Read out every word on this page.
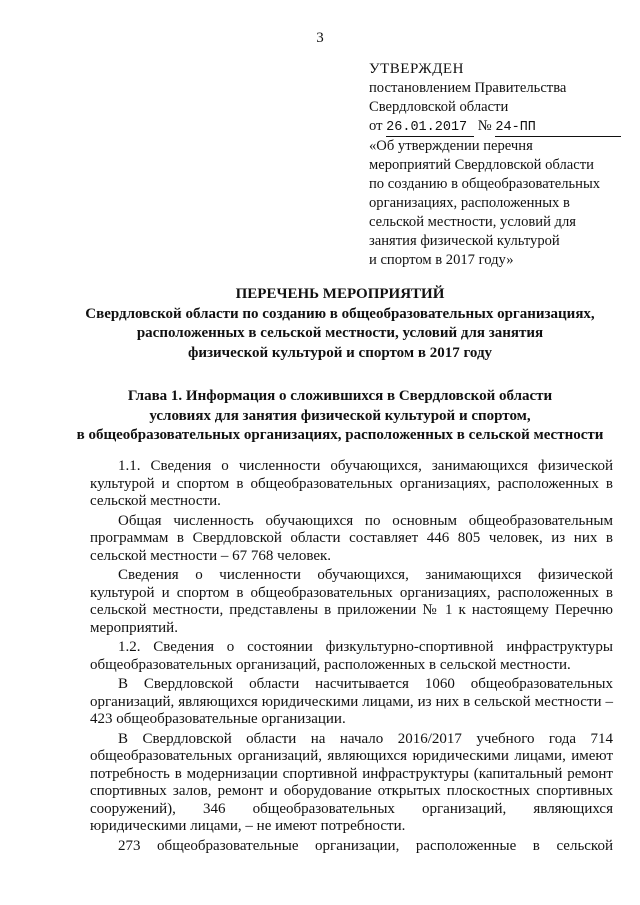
3
УТВЕРЖДЕН
постановлением Правительства
Свердловской области
от 26.01.2017 № 24-ПП
«Об утверждении перечня
мероприятий Свердловской области
по созданию в общеобразовательных
организациях, расположенных в
сельской местности, условий для
занятия физической культурой
и спортом в 2017 году»
ПЕРЕЧЕНЬ МЕРОПРИЯТИЙ
Свердловской области по созданию в общеобразовательных организациях,
расположенных в сельской местности, условий для занятия
физической культурой и спортом в 2017 году
Глава 1. Информация о сложившихся в Свердловской области
условиях для занятия физической культурой и спортом,
в общеобразовательных организациях, расположенных в сельской местности

1.1. Сведения о численности обучающихся, занимающихся физической культурой и спортом в общеобразовательных организациях, расположенных в сельской местности.

Общая численность обучающихся по основным общеобразовательным программам в Свердловской области составляет 446 805 человек, из них в сельской местности – 67 768 человек.

Сведения о численности обучающихся, занимающихся физической культурой и спортом в общеобразовательных организациях, расположенных в сельской местности, представлены в приложении № 1 к настоящему Перечню мероприятий.

1.2. Сведения о состоянии физкультурно-спортивной инфраструктуры общеобразовательных организаций, расположенных в сельской местности.

В Свердловской области насчитывается 1060 общеобразовательных организаций, являющихся юридическими лицами, из них в сельской местности – 423 общеобразовательные организации.

В Свердловской области на начало 2016/2017 учебного года 714 общеобразовательных организаций, являющихся юридическими лицами, имеют потребность в модернизации спортивной инфраструктуры (капитальный ремонт спортивных залов, ремонт и оборудование открытых плоскостных спортивных сооружений), 346 общеобразовательных организаций, являющихся юридическими лицами, – не имеют потребности.

273 общеобразовательные организации, расположенные в сельской
